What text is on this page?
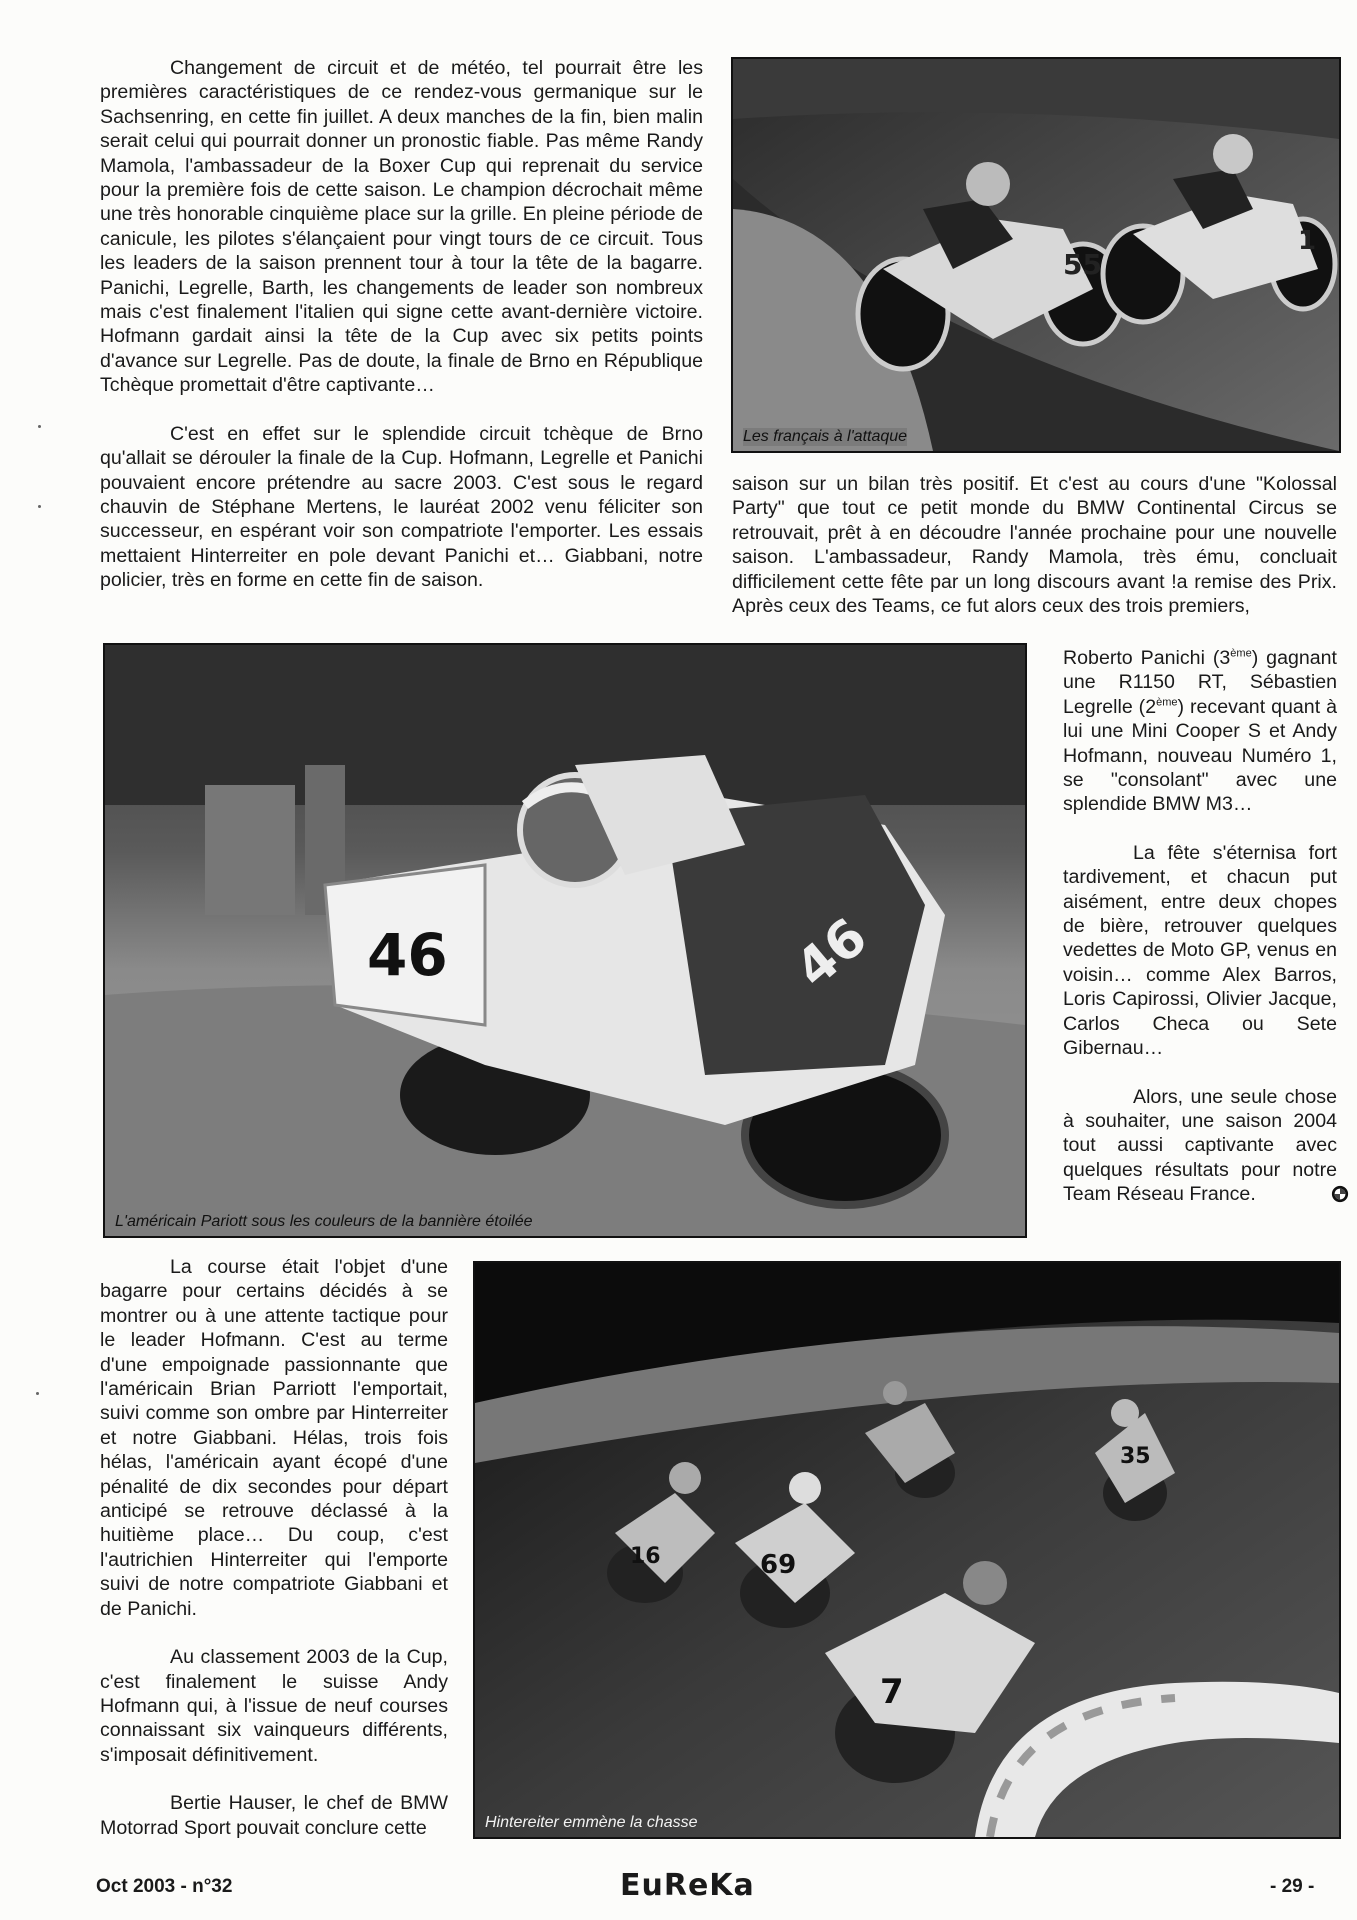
Changement de circuit et de météo, tel pourrait être les premières caractéristiques de ce rendez-vous germanique sur le Sachsenring, en cette fin juillet. A deux manches de la fin, bien malin serait celui qui pourrait donner un pronostic fiable. Pas même Randy Mamola, l'ambassadeur de la Boxer Cup qui reprenait du service pour la première fois de cette saison. Le champion décrochait même une très honorable cinquième place sur la grille. En pleine période de canicule, les pilotes s'élançaient pour vingt tours de ce circuit. Tous les leaders de la saison prennent tour à tour la tête de la bagarre. Panichi, Legrelle, Barth, les changements de leader son nombreux mais c'est finalement l'italien qui signe cette avant-dernière victoire. Hofmann gardait ainsi la tête de la Cup avec six petits points d'avance sur Legrelle. Pas de doute, la finale de Brno en République Tchèque promettait d'être captivante…

C'est en effet sur le splendide circuit tchèque de Brno qu'allait se dérouler la finale de la Cup. Hofmann, Legrelle et Panichi pouvaient encore prétendre au sacre 2003. C'est sous le regard chauvin de Stéphane Mertens, le lauréat 2002 venu féliciter son successeur, en espérant voir son compatriote l'emporter. Les essais mettaient Hinterreiter en pole devant Panichi et… Giabbani, notre policier, très en forme en cette fin de saison.

55
1
Les français à l'attaque

saison sur un bilan très positif. Et c'est au cours d'une "Kolossal Party" que tout ce petit monde du BMW Continental Circus se retrouvait, prêt à en découdre l'année prochaine pour une nouvelle saison. L'ambassadeur, Randy Mamola, très ému, concluait difficilement cette fête par un long discours avant !a remise des Prix. Après ceux des Teams, ce fut alors ceux des trois premiers,

46	46
L'américain Pariott sous les couleurs de la bannière étoilée

Roberto Panichi (3ème) gagnant une R1150 RT, Sébastien Legrelle (2ème) recevant quant à lui une Mini Cooper S et Andy Hofmann, nouveau Numéro 1, se "consolant" avec une splendide BMW M3…

La fête s'éternisa fort tardivement, et chacun put aisément, entre deux chopes de bière, retrouver quelques vedettes de Moto GP, venus en voisin… comme Alex Barros, Loris Capirossi, Olivier Jacque, Carlos Checa ou Sete Gibernau…

Alors, une seule chose à souhaiter, une saison 2004 tout aussi captivante avec quelques résultats pour notre Team Réseau France.

La course était l'objet d'une bagarre pour certains décidés à se montrer ou à une attente tactique pour le leader Hofmann. C'est au terme d'une empoignade passionnante que l'américain Brian Parriott l'emportait, suivi comme son ombre par Hinterreiter et notre Giabbani. Hélas, trois fois hélas, l'américain ayant écopé d'une pénalité de dix secondes pour départ anticipé se retrouve déclassé à la huitième place… Du coup, c'est l'autrichien Hinterreiter qui l'emporte suivi de notre compatriote Giabbani et de Panichi.

Au classement 2003 de la Cup, c'est finalement le suisse Andy Hofmann qui, à l'issue de neuf courses connaissant six vainqueurs différents, s'imposait définitivement.

Bertie Hauser, le chef de BMW Motorrad Sport pouvait conclure cette

16	69
35
7
Hintereiter emmène la chasse
Oct 2003 - n°32	EuReKa	- 29 -
